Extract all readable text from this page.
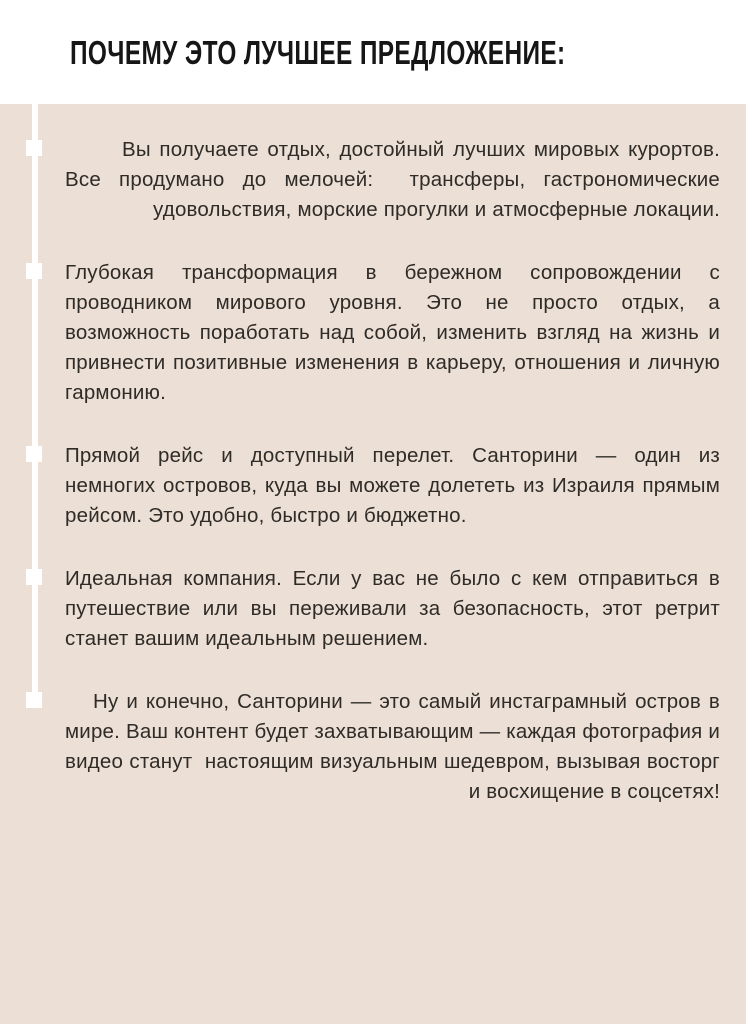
ПОЧЕМУ ЭТО ЛУЧШЕЕ ПРЕДЛОЖЕНИЕ:
Вы получаете отдых, достойный лучших мировых курортов. Все продумано до мелочей:  трансферы, гастрономические удовольствия, морские прогулки и атмосферные локации.
Глубокая трансформация в бережном сопровождении с проводником мирового уровня. Это не просто отдых, а возможность поработать над собой, изменить взгляд на жизнь и привнести позитивные изменения в карьеру, отношения и личную гармонию.
Прямой рейс и доступный перелет. Санторини — один из немногих островов, куда вы можете долететь из Израиля прямым рейсом. Это удобно, быстро и бюджетно.
Идеальная компания. Если у вас не было с кем отправиться в путешествие или вы переживали за безопасность, этот ретрит станет вашим идеальным решением.
Ну и конечно, Санторини — это самый инстаграмный остров в мире. Ваш контент будет захватывающим — каждая фотография и видео станут  настоящим визуальным шедевром, вызывая восторг и восхищение в соцсетях!
